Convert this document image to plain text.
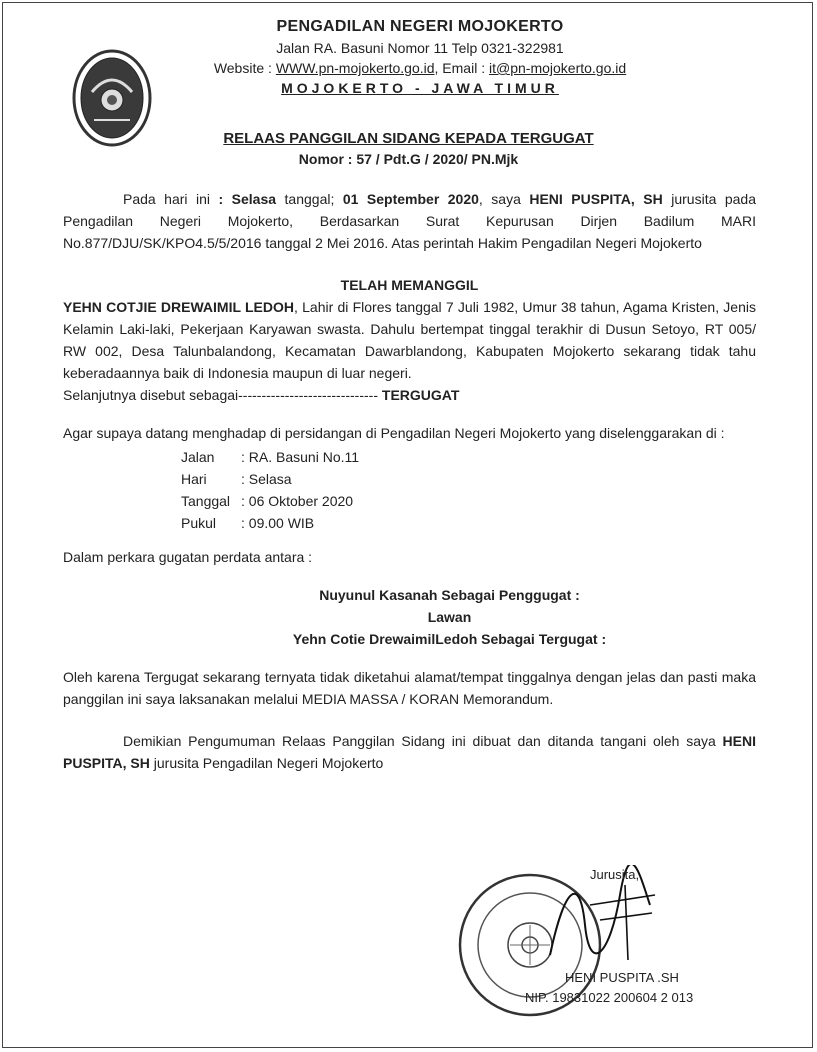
PENGADILAN NEGERI MOJOKERTO
Jalan RA. Basuni Nomor 11 Telp 0321-322981
Website : WWW.pn-mojokerto.go.id, Email : it@pn-mojokerto.go.id
MOJOKERTO - JAWA TIMUR
RELAAS PANGGILAN SIDANG KEPADA TERGUGAT
Nomor : 57 / Pdt.G / 2020/ PN.Mjk

Pada hari ini : Selasa tanggal; 01 September 2020, saya HENI PUSPITA, SH jurusita pada Pengadilan Negeri Mojokerto, Berdasarkan Surat Kepurusan Dirjen Badilum MARI No.877/DJU/SK/KPO4.5/5/2016 tanggal 2 Mei 2016. Atas perintah Hakim Pengadilan Negeri Mojokerto

TELAH MEMANGGIL

YEHN COTJIE DREWAIMIL LEDOH, Lahir di Flores tanggal 7 Juli 1982, Umur 38 tahun, Agama Kristen, Jenis Kelamin Laki-laki, Pekerjaan Karyawan swasta. Dahulu bertempat tinggal terakhir di Dusun Setoyo, RT 005/ RW 002, Desa Talunbalandong, Kecamatan Dawarblandong, Kabupaten Mojokerto sekarang tidak tahu keberadaannya baik di Indonesia maupun di luar negeri.

Selanjutnya disebut sebagai------------------------------ TERGUGAT

Agar supaya datang menghadap di persidangan di Pengadilan Negeri Mojokerto yang diselenggarakan di :

Jalan	: RA. Basuni No.11
Hari	: Selasa
Tanggal : 06 Oktober 2020
Pukul	: 09.00 WIB

Dalam perkara gugatan perdata antara :

Nuyunul Kasanah Sebagai Penggugat :

Lawan

Yehn Cotie DrewaimilLedoh Sebagai Tergugat :

Oleh karena Tergugat sekarang ternyata tidak diketahui alamat/tempat tinggalnya dengan jelas dan pasti maka panggilan ini saya laksanakan melalui MEDIA MASSA / KORAN Memorandum.

Demikian Pengumuman Relaas Panggilan Sidang ini dibuat dan ditanda tangani oleh saya HENI PUSPITA, SH jurusita Pengadilan Negeri Mojokerto

Jurusita,
HENI PUSPITA .SH
NIP. 19831022 200604 2 013
